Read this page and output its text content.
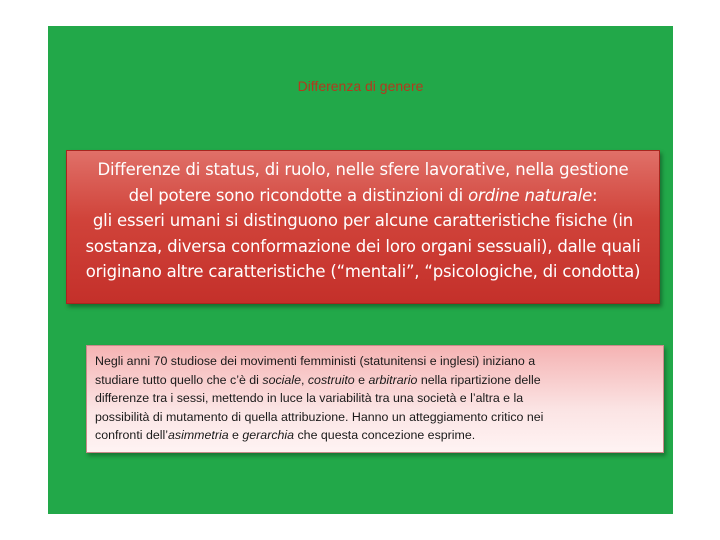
Differenza di genere
Differenze di status, di ruolo, nelle sfere lavorative, nella gestione
del potere sono ricondotte a distinzioni di ordine naturale:
gli esseri umani si distinguono per alcune caratteristiche fisiche (in
sostanza, diversa conformazione dei loro organi sessuali), dalle quali
originano altre caratteristiche (“mentali”, “psicologiche, di condotta)
Negli anni 70 studiose dei movimenti femministi (statunitensi e inglesi) iniziano a
studiare tutto quello che c’è di sociale, costruito e arbitrario nella ripartizione delle
differenze tra i sessi, mettendo in luce la variabilità tra una società e l’altra e la
possibilità di mutamento di quella attribuzione. Hanno un atteggiamento critico nei
confronti dell’asimmetria e gerarchia che questa concezione esprime.
